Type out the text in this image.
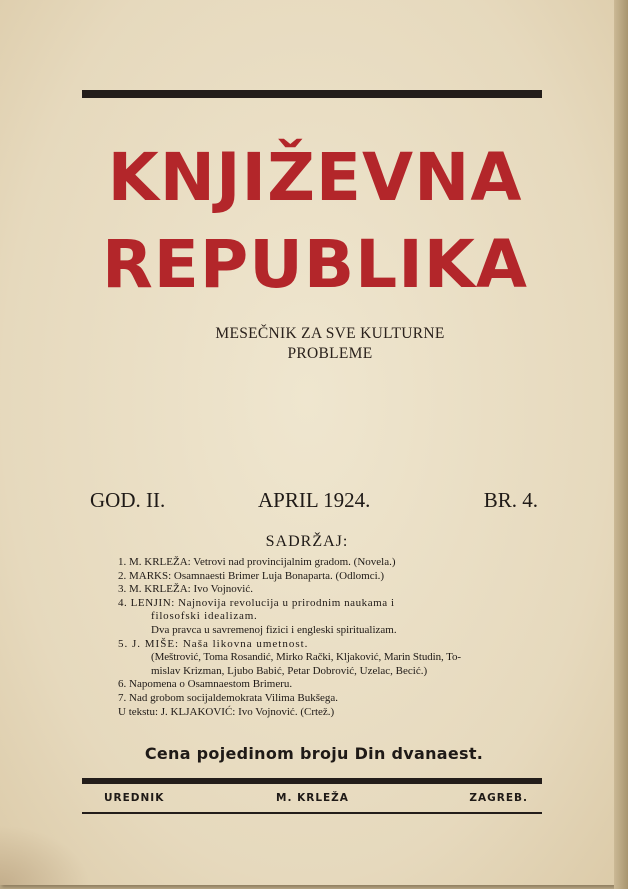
KNJIŽEVNA
REPUBLIKA
MESEČNIK ZA SVE KULTURNE
PROBLEME
GOD. II.	APRIL 1924.	BR. 4.
SADRŽAJ:
1. M. KRLEŽA: Vetrovi nad provincijalnim gradom. (Novela.)
2. MARKS: Osamnaesti Brimer Luja Bonaparta. (Odlomci.)
3. M. KRLEŽA: Ivo Vojnović.
4. LENJIN: Najnovija revolucija u prirodnim naukama i
filosofski idealizam.
Dva pravca u savremenoj fizici i engleski spiritualizam.
5. J. MIŠE: Naša likovna umetnost.
(Meštrović, Toma Rosandić, Mirko Rački, Kljaković, Marin Studin, To-
mislav Krizman, Ljubo Babić, Petar Dobrović, Uzelac, Becić.)
6. Napomena o Osamnaestom Brimeru.
7. Nad grobom socijaldemokrata Vilima Bukšega.
U tekstu: J. KLJAKOVIĆ: Ivo Vojnović. (Crtež.)
Cena pojedinom broju Din dvanaest.
UREDNIK	M. KRLEŽA	ZAGREB.
